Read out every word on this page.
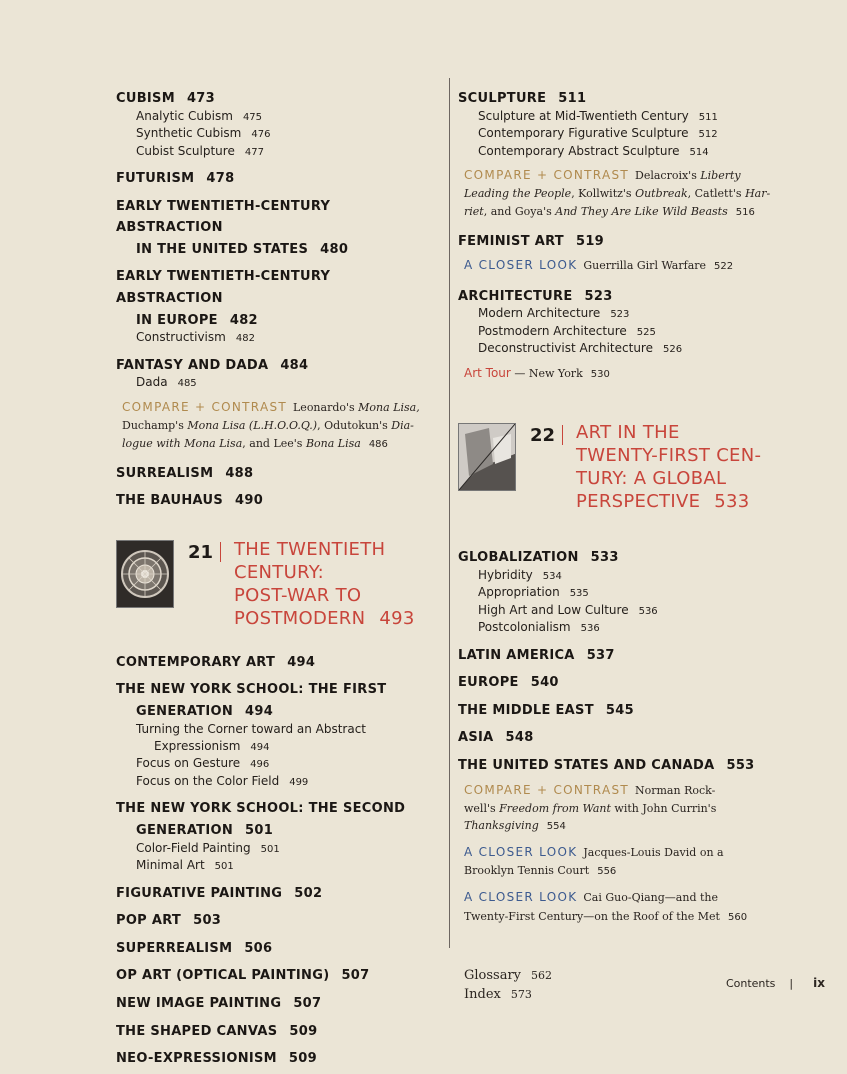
CUBISM 473
Analytic Cubism 475
Synthetic Cubism 476
Cubist Sculpture 477
FUTURISM 478
EARLY TWENTIETH-CENTURY ABSTRACTION
IN THE UNITED STATES 480
EARLY TWENTIETH-CENTURY ABSTRACTION
IN EUROPE 482
Constructivism 482
FANTASY AND DADA 484
Dada 485
COMPARE + CONTRAST Leonardo's Mona Lisa,
Duchamp's Mona Lisa (L.H.O.O.Q.), Odutokun's Dia-
logue with Mona Lisa, and Lee's Bona Lisa 486
SURREALISM 488
THE BAUHAUS 490
21 THE TWENTIETH
CENTURY:
POST-WAR TO
POSTMODERN 493
CONTEMPORARY ART 494
THE NEW YORK SCHOOL: THE FIRST
GENERATION 494
Turning the Corner toward an Abstract
Expressionism 494
Focus on Gesture 496
Focus on the Color Field 499
THE NEW YORK SCHOOL: THE SECOND
GENERATION 501
Color-Field Painting 501
Minimal Art 501
FIGURATIVE PAINTING 502
POP ART 503
SUPERREALISM 506
OP ART (OPTICAL PAINTING) 507
NEW IMAGE PAINTING 507
THE SHAPED CANVAS 509
NEO-EXPRESSIONISM 509
SCULPTURE 511
Sculpture at Mid-Twentieth Century 511
Contemporary Figurative Sculpture 512
Contemporary Abstract Sculpture 514
COMPARE + CONTRAST Delacroix's Liberty
Leading the People, Kollwitz's Outbreak, Catlett's Har-
riet, and Goya's And They Are Like Wild Beasts 516
FEMINIST ART 519
A CLOSER LOOK Guerrilla Girl Warfare 522
ARCHITECTURE 523
Modern Architecture 523
Postmodern Architecture 525
Deconstructivist Architecture 526
Art Tour — New York 530
22 ART IN THE
TWENTY-FIRST CEN-
TURY: A GLOBAL
PERSPECTIVE 533
GLOBALIZATION 533
Hybridity 534
Appropriation 535
High Art and Low Culture 536
Postcolonialism 536
LATIN AMERICA 537
EUROPE 540
THE MIDDLE EAST 545
ASIA 548
THE UNITED STATES AND CANADA 553
COMPARE + CONTRAST Norman Rock-
well's Freedom from Want with John Currin's
Thanksgiving 554
A CLOSER LOOK Jacques-Louis David on a
Brooklyn Tennis Court 556
A CLOSER LOOK Cai Guo-Qiang—and the
Twenty-First Century—on the Roof of the Met 560
Glossary 562
Index 573
Contents | ix
